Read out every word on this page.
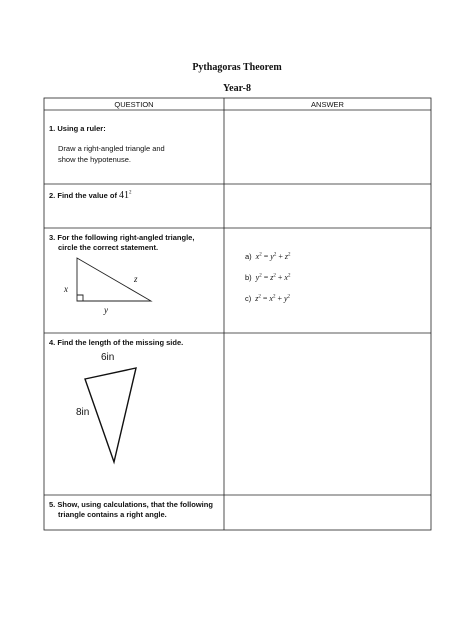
Pythagoras Theorem
Year-8
QUESTION	ANSWER
1. Using a ruler:
Draw a right-angled triangle and
show the hypotenuse.
2. Find the value of $41^2$
3. For the following right-angled triangle,
circle the correct statement.
x
z
y
a) $x^2 = y^2 + z^2$
b) $y^2 = z^2 + x^2$
c) $z^2 = x^2 + y^2$
4. Find the length of the missing side.
6in
8in
5. Show, using calculations, that the following
triangle contains a right angle.
